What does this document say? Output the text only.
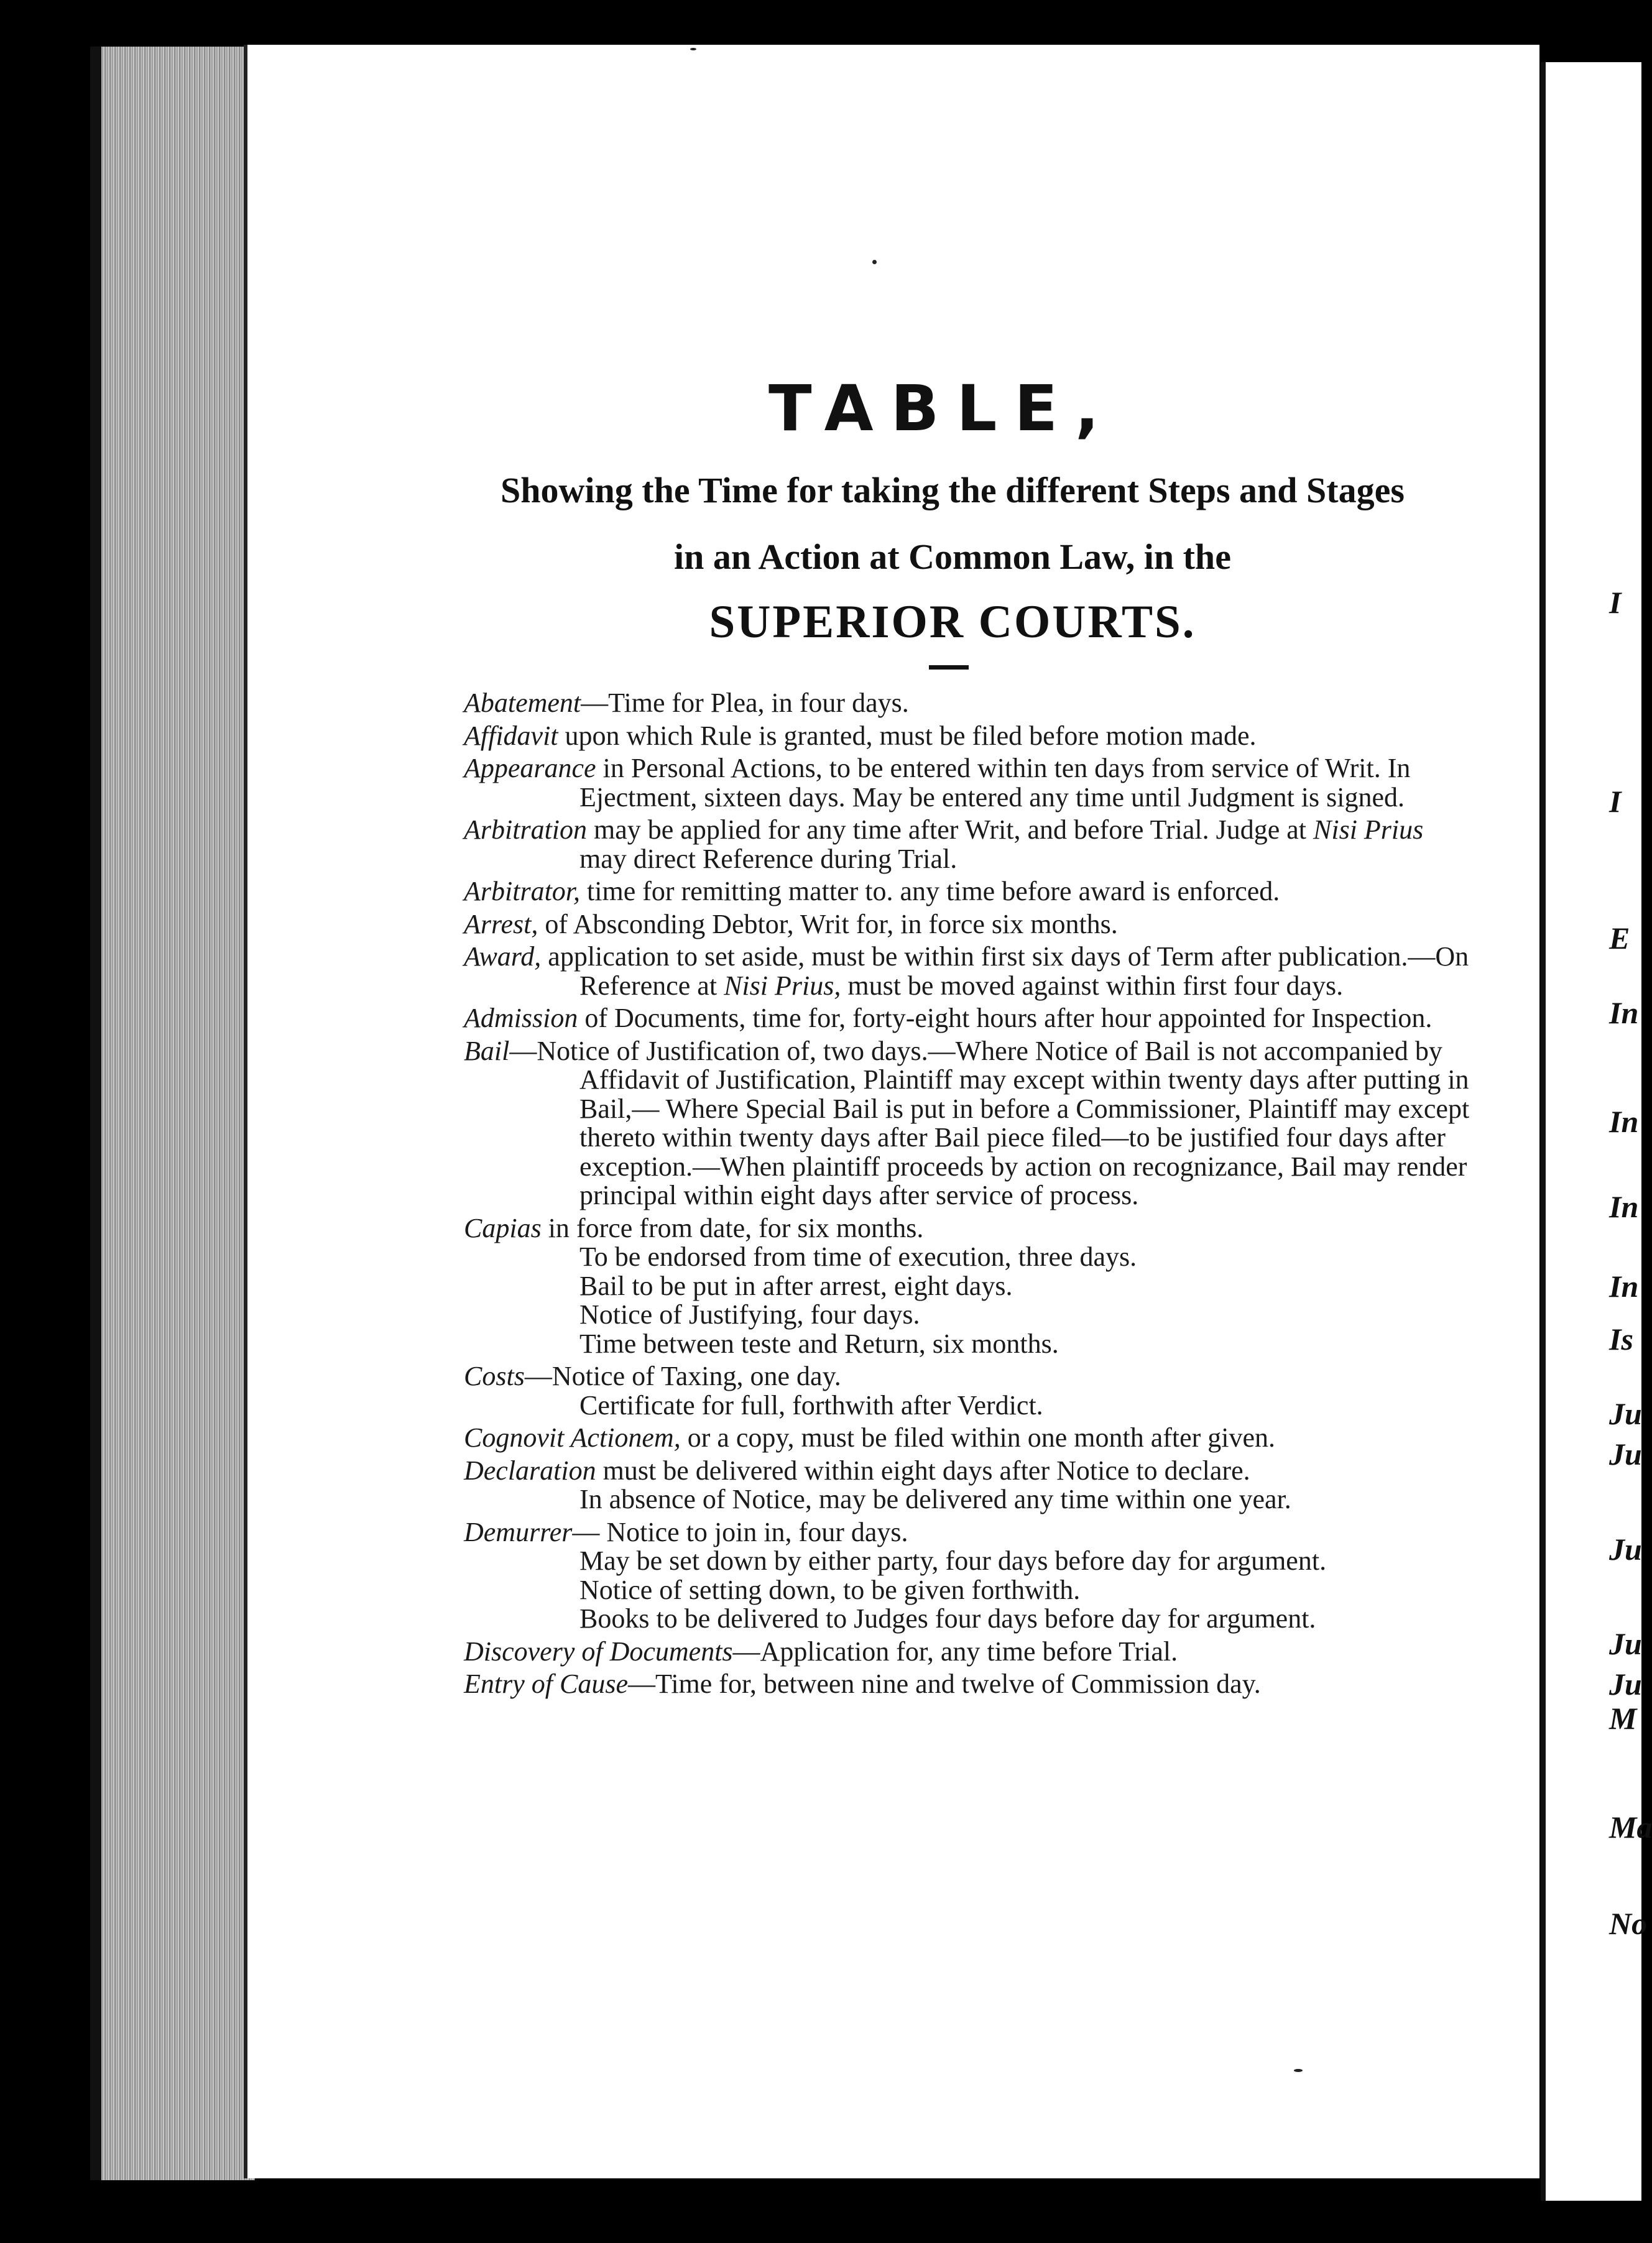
I
I
E
In
In
In
In
Is
Ju
Ju
Ju
Ju
Ju
M
Ma
No
TABLE,
Showing the Time for taking the different Steps and Stages
in an Action at Common Law, in the
SUPERIOR COURTS.

Abatement—Time for Plea, in four days.

Affidavit upon which Rule is granted, must be filed before motion made.

Appearance in Personal Actions, to be entered within ten days from service of Writ. In Ejectment, sixteen days. May be entered any time until Judgment is signed.

Arbitration may be applied for any time after Writ, and before Trial. Judge at Nisi Prius may direct Reference during Trial.

Arbitrator, time for remitting matter to. any time before award is enforced.

Arrest, of Absconding Debtor, Writ for, in force six months.

Award, application to set aside, must be within first six days of Term after publication.—On Reference at Nisi Prius, must be moved against within first four days.

Admission of Documents, time for, forty-eight hours after hour appointed for Inspection.

Bail—Notice of Justification of, two days.—Where Notice of Bail is not accompanied by Affidavit of Justification, Plaintiff may except within twenty days after putting in Bail,— Where Special Bail is put in before a Commissioner, Plaintiff may except thereto within twenty days after Bail piece filed—to be justified four days after exception.—When plaintiff proceeds by action on recognizance, Bail may render principal within eight days after service of process.

Capias in force from date, for six months.

To be endorsed from time of execution, three days.

Bail to be put in after arrest, eight days.

Notice of Justifying, four days.

Time between teste and Return, six months.

Costs—Notice of Taxing, one day.

Certificate for full, forthwith after Verdict.

Cognovit Actionem, or a copy, must be filed within one month after given.

Declaration must be delivered within eight days after Notice to declare.

In absence of Notice, may be delivered any time within one year.

Demurrer— Notice to join in, four days.

May be set down by either party, four days before day for argument.

Notice of setting down, to be given forthwith.

Books to be delivered to Judges four days before day for argument.

Discovery of Documents—Application for, any time before Trial.

Entry of Cause—Time for, between nine and twelve of Commission day.
